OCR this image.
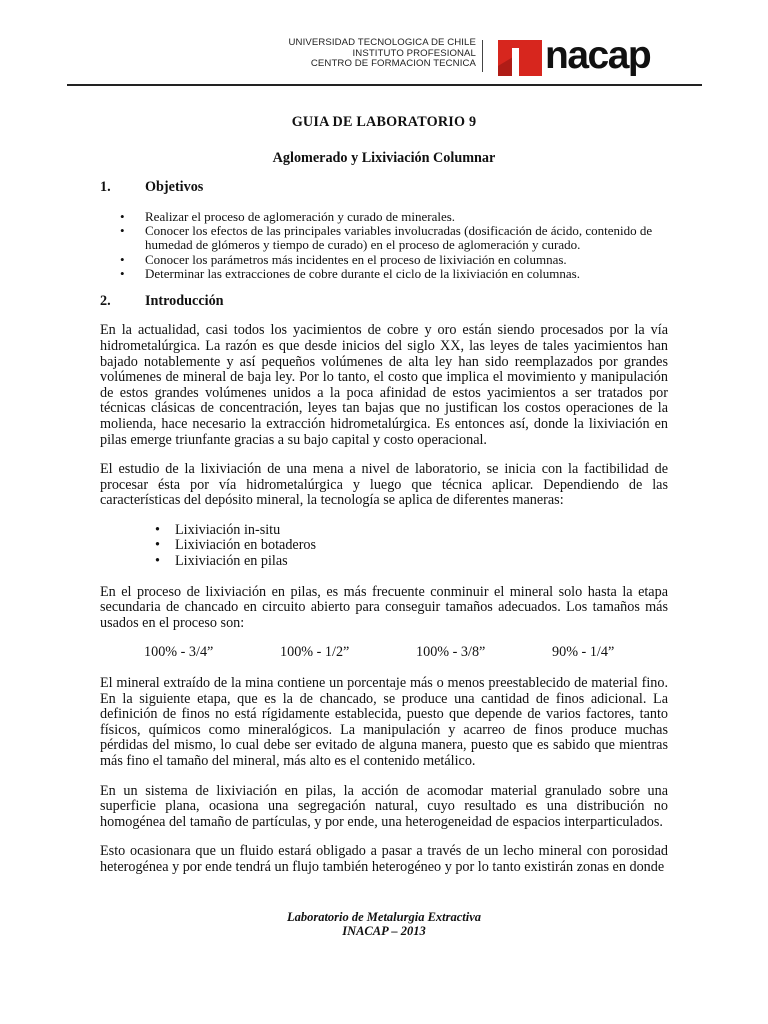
UNIVERSIDAD TECNOLOGICA DE CHILE
INSTITUTO PROFESIONAL
CENTRO DE FORMACION TECNICA nacap
GUIA DE LABORATORIO 9
Aglomerado y Lixiviación Columnar
1.	Objetivos
• Realizar el proceso de aglomeración y curado de minerales.
• Conocer los efectos de las principales variables involucradas (dosificación de ácido, contenido de humedad de glómeros y tiempo de curado) en el proceso de aglomeración y curado.
• Conocer los parámetros más incidentes en el proceso de lixiviación en columnas.
• Determinar las extracciones de cobre durante el ciclo de la lixiviación en columnas.
2.	Introducción

En la actualidad, casi todos los yacimientos de cobre y oro están siendo procesados por la vía hidrometalúrgica. La razón es que desde inicios del siglo XX, las leyes de tales yacimientos han bajado notablemente y así pequeños volúmenes de alta ley han sido reemplazados por grandes volúmenes de mineral de baja ley. Por lo tanto, el costo que implica el movimiento y manipulación de estos grandes volúmenes unidos a la poca afinidad de estos yacimientos a ser tratados por técnicas clásicas de concentración, leyes tan bajas que no justifican los costos operaciones de la molienda, hace necesario la extracción hidrometalúrgica. Es entonces así, donde la lixiviación en pilas emerge triunfante gracias a su bajo capital y costo operacional.

El estudio de la lixiviación de una mena a nivel de laboratorio, se inicia con la factibilidad de procesar ésta por vía hidrometalúrgica y luego que técnica aplicar. Dependiendo de las características del depósito mineral, la tecnología se aplica de diferentes maneras:

• Lixiviación in-situ
• Lixiviación en botaderos
• Lixiviación en pilas

En el proceso de lixiviación en pilas, es más frecuente conminuir el mineral solo hasta la etapa secundaria de chancado en circuito abierto para conseguir tamaños adecuados. Los tamaños más usados en el proceso son:

100% - 3/4”	100% - 1/2”	100% - 3/8”	90% - 1/4”

El mineral extraído de la mina contiene un porcentaje más o menos preestablecido de material fino. En la siguiente etapa, que es la de chancado, se produce una cantidad de finos adicional. La definición de finos no está rígidamente establecida, puesto que depende de varios factores, tanto físicos, químicos como mineralógicos. La manipulación y acarreo de finos produce muchas pérdidas del mismo, lo cual debe ser evitado de alguna manera, puesto que es sabido que mientras más fino el tamaño del mineral, más alto es el contenido metálico.

En un sistema de lixiviación en pilas, la acción de acomodar material granulado sobre una superficie plana, ocasiona una segregación natural, cuyo resultado es una distribución no homogénea del tamaño de partículas, y por ende, una heterogeneidad de espacios interparticulados.

Esto ocasionara que un fluido estará obligado a pasar a través de un lecho mineral con porosidad heterogénea y por ende tendrá un flujo también heterogéneo y por lo tanto existirán zonas en donde

Laboratorio de Metalurgia Extractiva
INACAP – 2013
